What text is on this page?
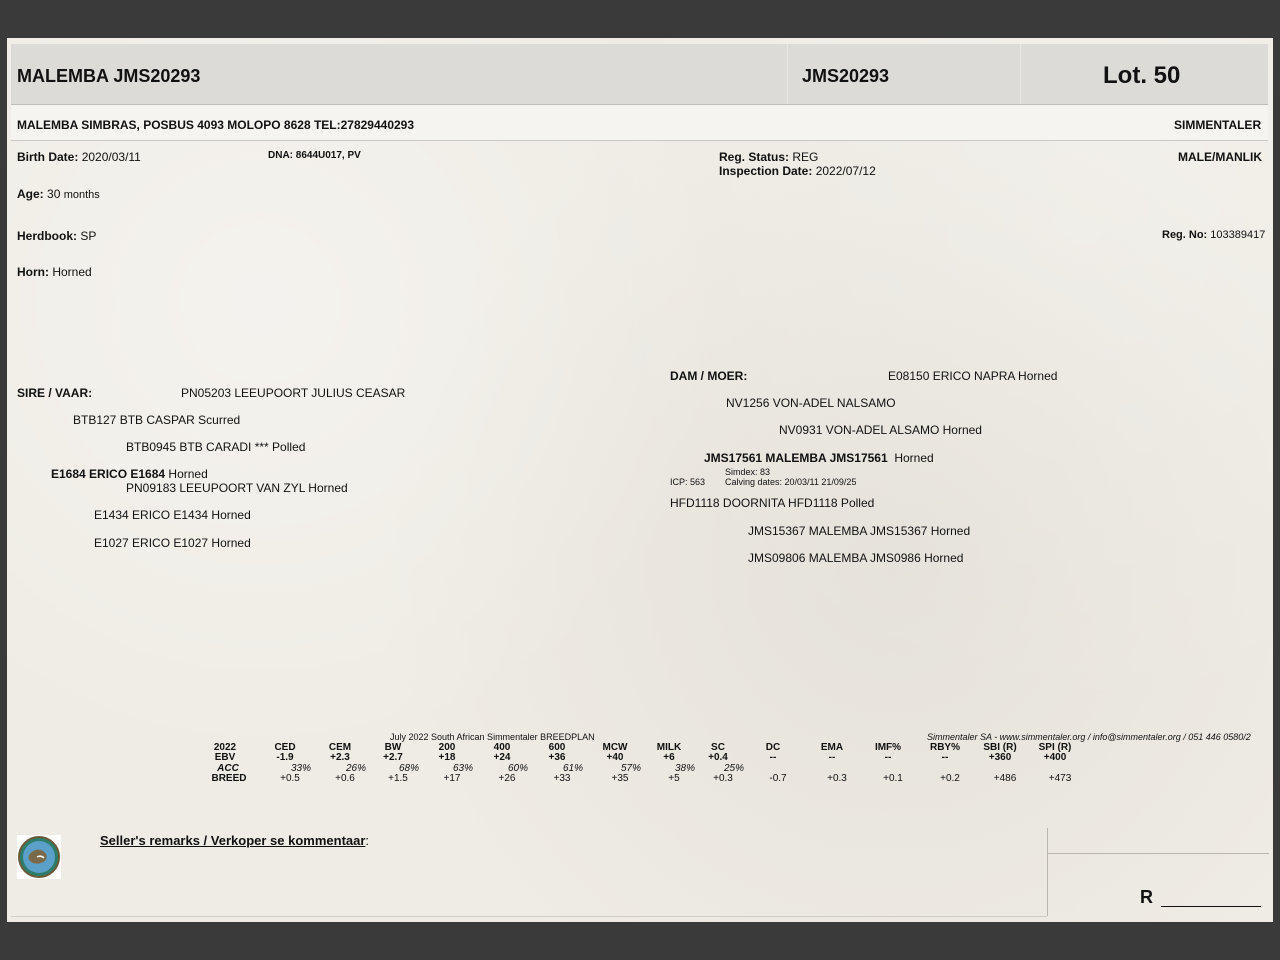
MALEMBA JMS20293	JMS20293	Lot. 50
MALEMBA SIMBRAS, POSBUS 4093 MOLOPO 8628 TEL:27829440293	SIMMENTALER
Birth Date: 2020/03/11	DNA: 8644U017, PV	Reg. Status: REG
Inspection Date: 2022/07/12
MALE/MANLIK
Age: 30 months
Herdbook: SP	Reg. No: 103389417
Horn: Horned
SIRE / VAAR:	PN05203 LEEUPOORT JULIUS CEASAR
BTB127 BTB CASPAR Scurred
BTB0945 BTB CARADI *** Polled
E1684 ERICO E1684 Horned
PN09183 LEEUPOORT VAN ZYL Horned
E1434 ERICO E1434 Horned
E1027 ERICO E1027 Horned
DAM / MOER:	E08150 ERICO NAPRA Horned
NV1256 VON-ADEL NALSAMO
NV0931 VON-ADEL ALSAMO Horned
JMS17561 MALEMBA JMS17561 Horned
Simdex: 83
ICP: 563 Calving dates: 20/03/11 21/09/25
HFD1118 DOORNITA HFD1118 Polled
JMS15367 MALEMBA JMS15367 Horned
JMS09806 MALEMBA JMS0986 Horned
July 2022 South African Simmentaler BREEDPLAN	Simmentaler SA - www.simmentaler.org / info@simmentaler.org / 051 446 0580/2
2022	CED	CEM	BW	200	400	600	MCW	MILK	SC	DC	EMA	IMF%	RBY%	SBI (R)	SPI (R)
EBV	-1.9	+2.3	+2.7	+18	+24	+36	+40	+6	+0.4	--	--	--	--	+360	+400
ACC	33%	26%	68%	63%	60%	61%	57%	38%	25%
BREED	+0.5	+0.6	+1.5	+17	+26	+33	+35	+5	+0.3	-0.7	+0.3	+0.1	+0.2	+486	+473
Seller's remarks / Verkoper se kommentaar:
R
